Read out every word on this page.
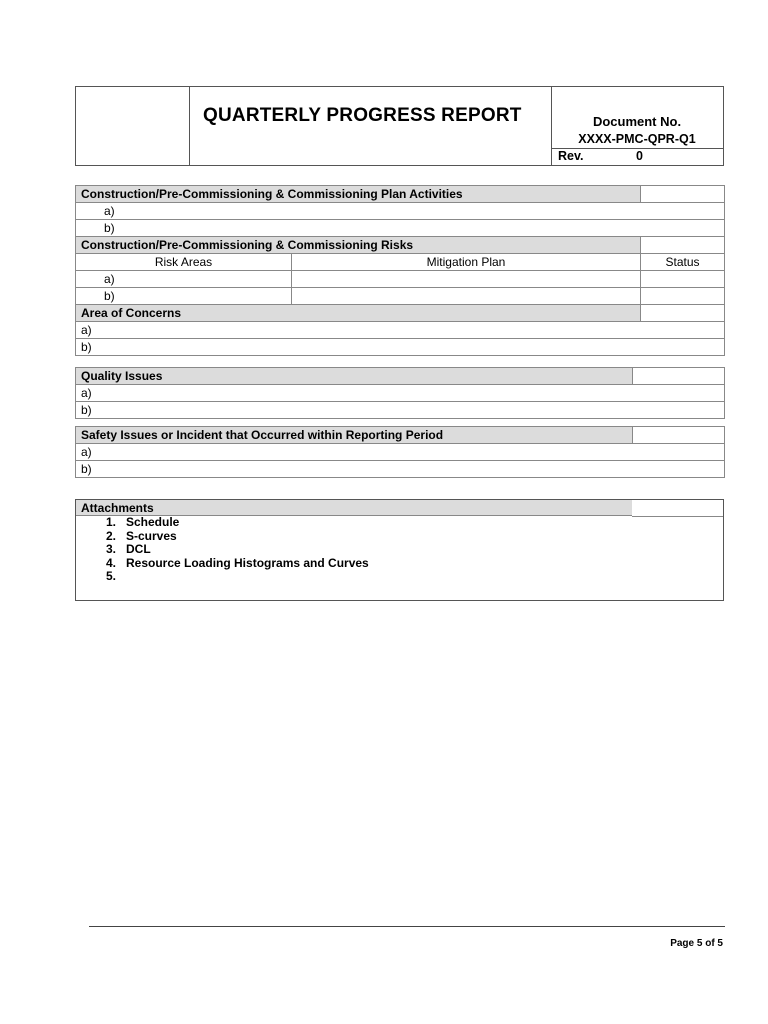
QUARTERLY PROGRESS REPORT	Document No.
XXXX-PMC-QPR-Q1
Rev.	0
Construction/Pre-Commissioning & Commissioning Plan Activities		
a)		
b)		
Construction/Pre-Commissioning & Commissioning Risks		
Risk Areas	Mitigation Plan	Status
a)		
b)		
Area of Concerns		
a)		
b)		
Quality Issues	
a)
b)
Safety Issues or Incident that Occurred within Reporting Period	
a)
b)
Attachments
1. Schedule
2. S-curves
3. DCL
4. Resource Loading Histograms and Curves
5.
Page 5 of 5
